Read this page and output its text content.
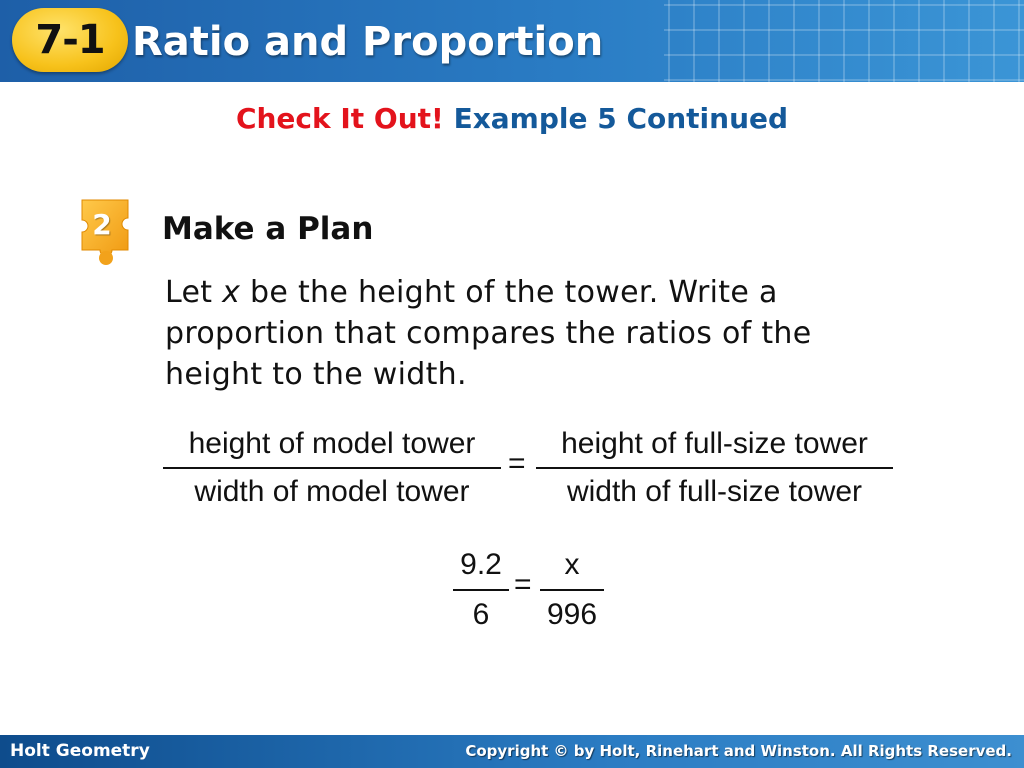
7-1 Ratio and Proportion
Check It Out! Example 5 Continued
2	Make a Plan
Let x be the height of the tower. Write a
proportion that compares the ratios of the
height to the width.
height of model tower
width of model tower
=
height of full-size tower
width of full-size tower
9.2
6
=
x
996
Holt Geometry	Copyright © by Holt, Rinehart and Winston. All Rights Reserved.
